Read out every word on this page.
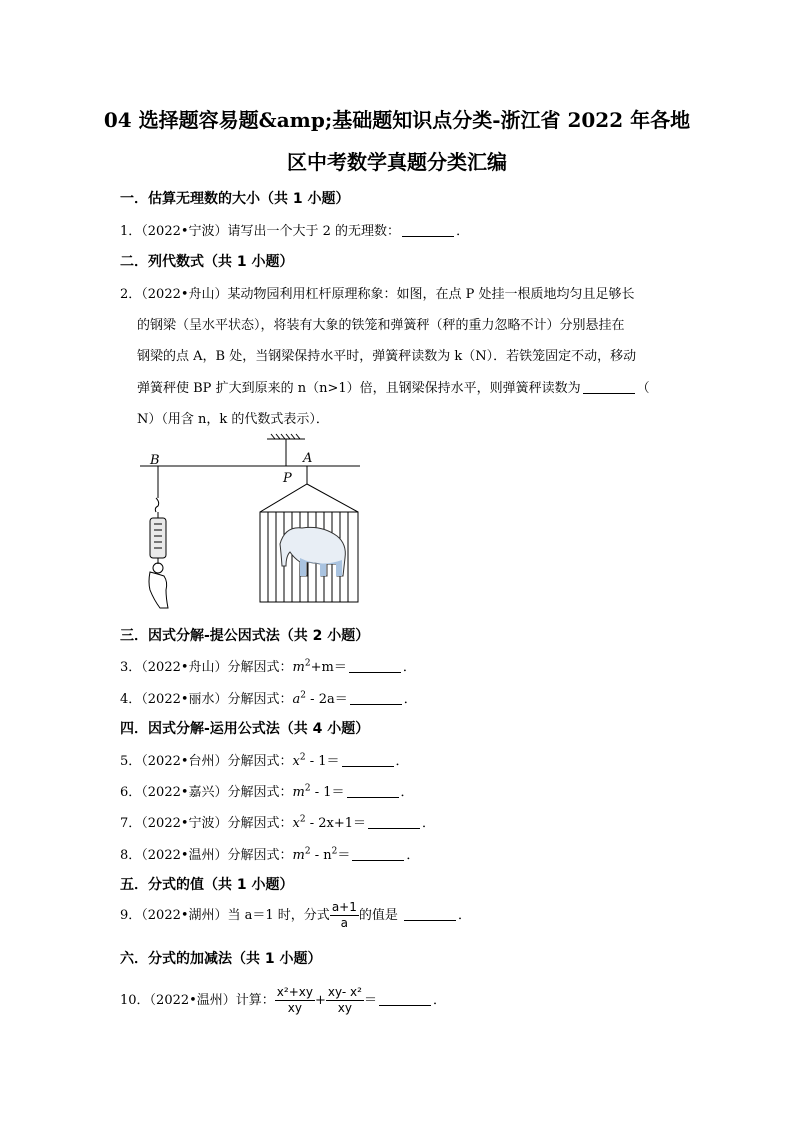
04 选择题容易题&amp;基础题知识点分类-浙江省 2022 年各地
区中考数学真题分类汇编
一．估算无理数的大小（共 1 小题）
1．（2022•宁波）请写出一个大于 2 的无理数：	．
二．列代数式（共 1 小题）
2．（2022•舟山）某动物园利用杠杆原理称象：如图，在点 P 处挂一根质地均匀且足够长
的钢梁（呈水平状态），将装有大象的铁笼和弹簧秤（秤的重力忽略不计）分别悬挂在
钢梁的点 A，B 处，当钢梁保持水平时，弹簧秤读数为 k（N）．若铁笼固定不动，移动
弹簧秤使 BP 扩大到原来的 n（n>1）倍，且钢梁保持水平，则弹簧秤读数为	（
N）（用含 n，k 的代数式表示）．
B	A
P
三．因式分解-提公因式法（共 2 小题）
3．（2022•舟山）分解因式：$m^2+m=$	．
4．（2022•丽水）分解因式：$a^2 - 2a=$	．
四．因式分解-运用公式法（共 4 小题）
5．（2022•台州）分解因式：$x^2 - 1=$	．
6．（2022•嘉兴）分解因式：$m^2 - 1=$	．
7．（2022•宁波）分解因式：$x^2 - 2x+1=$	．
8．（2022•温州）分解因式：$m^2 - n^2=$	．
五．分式的值（共 1 小题）
9．（2022•湖州）当 a＝1 时，分式 $\frac{a+1}{a}$ 的值是	．
六．分式的加减法（共 1 小题）
10．（2022•温州）计算： $\frac{\text{x²+xy}}{xy} + \frac{\text{xy- x²}}{xy}$ ＝	．
